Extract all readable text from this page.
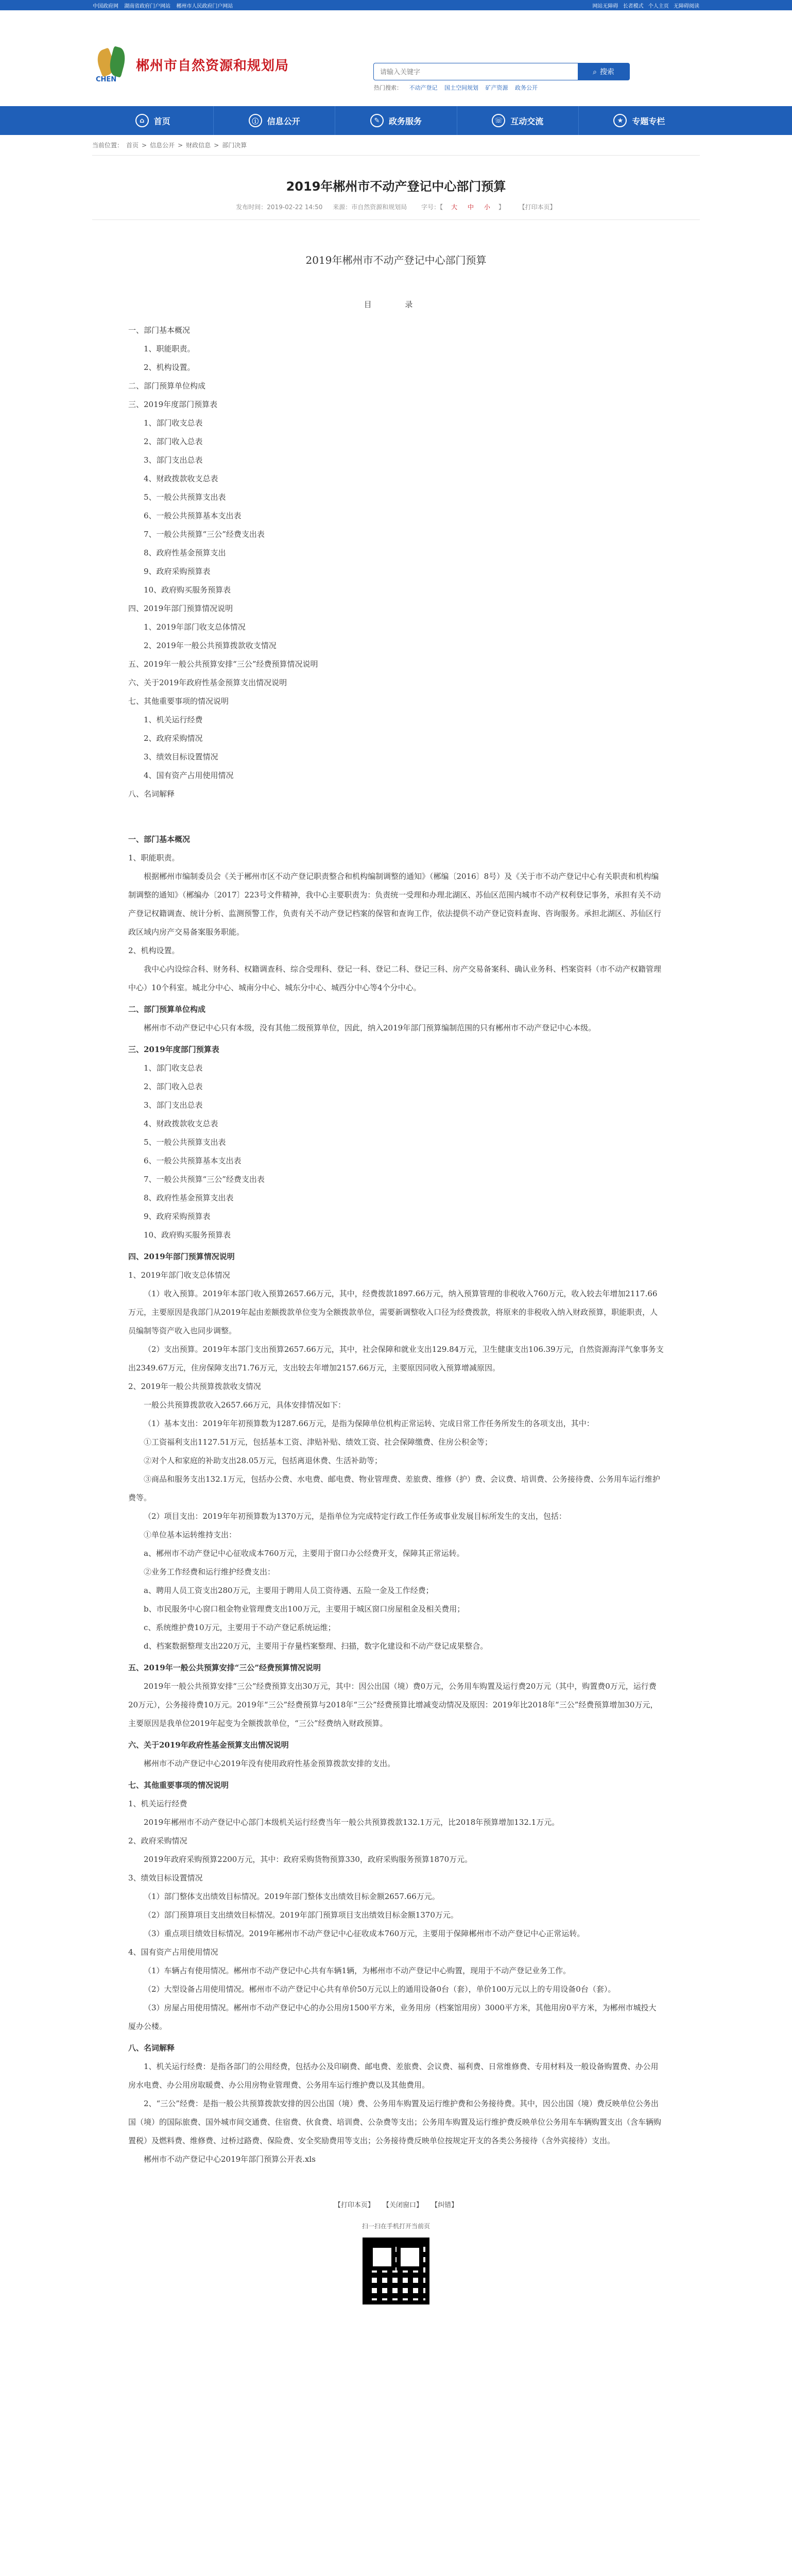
中国政府网 湖南省政府门户网站 郴州市人民政府门户网站	网站无障碍 长者模式 个人主页 无障碍阅读
CHEN
郴州市自然资源和规划局
请输入关键字	⌕ 搜索
热门搜索： 不动产登记 国土空间规划 矿产资源 政务公开
⌂	首页	ⓘ	信息公开	✎	政务服务	☏ 互动交流	★	专题专栏
当前位置： 首页 > 信息公开 > 财政信息 > 部门决算
2019年郴州市不动产登记中心部门预算
发布时间：2019-02-22 14:50 来源：市自然资源和规划局 字号：【 大 中 小 】 【打印本页】
2019年郴州市不动产登记中心部门预算
目 录

一、部门基本概况

1、职能职责。

2、机构设置。

二、部门预算单位构成

三、2019年度部门预算表

1、部门收支总表

2、部门收入总表

3、部门支出总表

4、财政拨款收支总表

5、一般公共预算支出表

6、一般公共预算基本支出表

7、一般公共预算“三公”经费支出表

8、政府性基金预算支出

9、政府采购预算表

10、政府购买服务预算表

四、2019年部门预算情况说明

1、2019年部门收支总体情况

2、2019年一般公共预算拨款收支情况

五、2019年一般公共预算安排“三公”经费预算情况说明

六、关于2019年政府性基金预算支出情况说明

七、其他重要事项的情况说明

1、机关运行经费

2、政府采购情况

3、绩效目标设置情况

4、国有资产占用使用情况

八、名词解释

一、部门基本概况

1、职能职责。

根据郴州市编制委员会《关于郴州市区不动产登记职责整合和机构编制调整的通知》（郴编〔2016〕8号）及《关于市不动产登记中心有关职责和机构编制调整的通知》（郴编办〔2017〕223号文件精神，我中心主要职责为：负责统一受理和办理北湖区、苏仙区范围内城市不动产权利登记事务，承担有关不动产登记权籍调查、统计分析、监测预警工作，负责有关不动产登记档案的保管和查询工作，依法提供不动产登记资料查询、咨询服务。承担北湖区、苏仙区行政区域内房产交易备案服务职能。

2、机构设置。

我中心内设综合科、财务科、权籍调查科、综合受理科、登记一科、登记二科、登记三科、房产交易备案科、确认业务科、档案资料（市不动产权籍管理中心）10个科室。城北分中心、城南分中心、城东分中心、城西分中心等4个分中心。

二、部门预算单位构成

郴州市不动产登记中心只有本级，没有其他二级预算单位，因此，纳入2019年部门预算编制范围的只有郴州市不动产登记中心本级。

三、2019年度部门预算表

1、部门收支总表

2、部门收入总表

3、部门支出总表

4、财政拨款收支总表

5、一般公共预算支出表

6、一般公共预算基本支出表

7、一般公共预算“三公”经费支出表

8、政府性基金预算支出表

9、政府采购预算表

10、政府购买服务预算表

四、2019年部门预算情况说明

1、2019年部门收支总体情况

（1）收入预算。2019年本部门收入预算2657.66万元，其中，经费拨款1897.66万元，纳入预算管理的非税收入760万元，收入较去年增加2117.66万元，主要原因是我部门从2019年起由差额拨款单位变为全额拨款单位，需要新调整收入口径为经费拨款，将原来的非税收入纳入财政预算，职能职责，人员编制等资产收入也同步调整。

（2）支出预算。2019年本部门支出预算2657.66万元，其中，社会保障和就业支出129.84万元，卫生健康支出106.39万元，自然资源海洋气象事务支出2349.67万元，住房保障支出71.76万元，支出较去年增加2157.66万元，主要原因同收入预算增减原因。

2、2019年一般公共预算拨款收支情况

一般公共预算拨款收入2657.66万元，具体安排情况如下：

（1）基本支出：2019年年初预算数为1287.66万元，是指为保障单位机构正常运转、完成日常工作任务所发生的各项支出，其中：

①工资福利支出1127.51万元，包括基本工资、津贴补贴、绩效工资、社会保障缴费、住房公积金等；

②对个人和家庭的补助支出28.05万元，包括离退休费、生活补助等；

③商品和服务支出132.1万元，包括办公费、水电费、邮电费、物业管理费、差旅费、维修（护）费、会议费、培训费、公务接待费、公务用车运行维护费等。

（2）项目支出：2019年年初预算数为1370万元，是指单位为完成特定行政工作任务或事业发展目标所发生的支出，包括：

①单位基本运转维持支出：

a、郴州市不动产登记中心征收成本760万元，主要用于窗口办公经费开支，保障其正常运转。

②业务工作经费和运行维护经费支出：

a、聘用人员工资支出280万元，主要用于聘用人员工资待遇、五险一金及工作经费；

b、市民服务中心窗口租金物业管理费支出100万元，主要用于城区窗口房屋租金及相关费用；

c、系统维护费10万元，主要用于不动产登记系统运维；

d、档案数据整理支出220万元，主要用于存量档案整理、扫描，数字化建设和不动产登记成果整合。

五、2019年一般公共预算安排“三公”经费预算情况说明

2019年一般公共预算安排“三公”经费预算支出30万元，其中：因公出国（境）费0万元，公务用车购置及运行费20万元（其中，购置费0万元，运行费20万元），公务接待费10万元。2019年“三公”经费预算与2018年“三公”经费预算比增减变动情况及原因：2019年比2018年“三公”经费预算增加30万元，主要原因是我单位2019年起变为全额拨款单位，“三公”经费纳入财政预算。

六、关于2019年政府性基金预算支出情况说明

郴州市不动产登记中心2019年没有使用政府性基金预算拨款安排的支出。

七、其他重要事项的情况说明

1、机关运行经费

2019年郴州市不动产登记中心部门本级机关运行经费当年一般公共预算拨款132.1万元，比2018年预算增加132.1万元。

2、政府采购情况

2019年政府采购预算2200万元，其中：政府采购货物预算330，政府采购服务预算1870万元。

3、绩效目标设置情况

（1）部门整体支出绩效目标情况。2019年部门整体支出绩效目标金额2657.66万元。

（2）部门预算项目支出绩效目标情况。2019年部门预算项目支出绩效目标金额1370万元。

（3）重点项目绩效目标情况。2019年郴州市不动产登记中心征收成本760万元，主要用于保障郴州市不动产登记中心正常运转。

4、国有资产占用使用情况

（1）车辆占有使用情况。郴州市不动产登记中心共有车辆1辆，为郴州市不动产登记中心购置，现用于不动产登记业务工作。

（2）大型设备占用使用情况。郴州市不动产登记中心共有单价50万元以上的通用设备0台（套），单价100万元以上的专用设备0台（套）。

（3）房屋占用使用情况。郴州市不动产登记中心的办公用房1500平方米，业务用房（档案馆用房）3000平方米，其他用房0平方米，为郴州市城投大厦办公楼。

八、名词解释

1、机关运行经费：是指各部门的公用经费，包括办公及印刷费、邮电费、差旅费、会议费、福利费、日常维修费、专用材料及一般设备购置费、办公用房水电费、办公用房取暖费、办公用房物业管理费、公务用车运行维护费以及其他费用。

2、“三公”经费：是指一般公共预算拨款安排的因公出国（境）费、公务用车购置及运行维护费和公务接待费。其中，因公出国（境）费反映单位公务出国（境）的国际旅费、国外城市间交通费、住宿费、伙食费、培训费、公杂费等支出；公务用车购置及运行维护费反映单位公务用车车辆购置支出（含车辆购置税）及燃料费、维修费、过桥过路费、保险费、安全奖励费用等支出；公务接待费反映单位按规定开支的各类公务接待（含外宾接待）支出。

郴州市不动产登记中心2019年部门预算公开表.xls

【打印本页】 【关闭窗口】 【纠错】
扫一扫在手机打开当前页
